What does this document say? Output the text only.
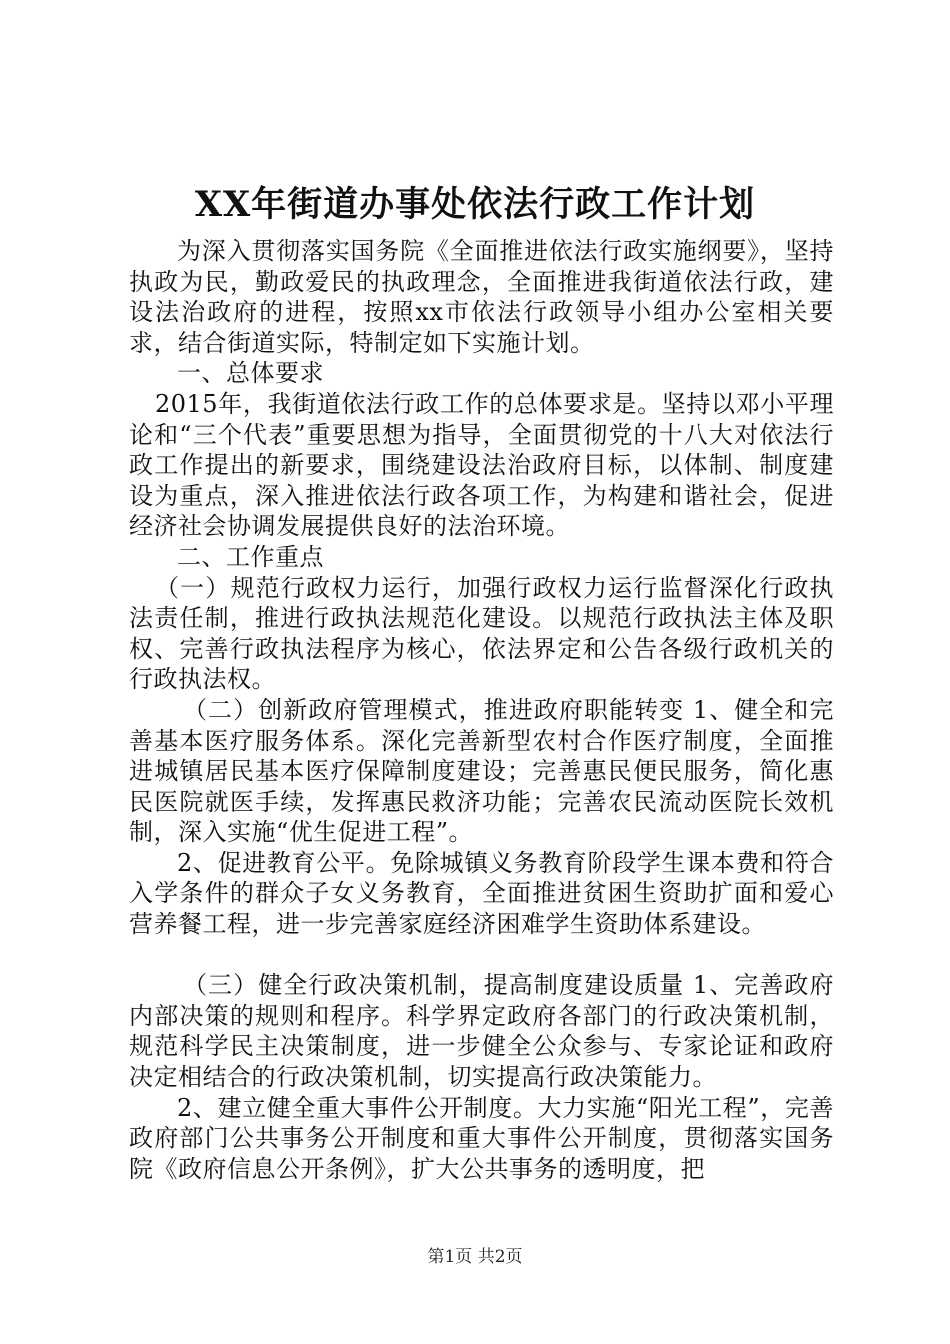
XX年街道办事处依法行政工作计划

为深入贯彻落实国务院《全面推进依法行政实施纲要》，坚持执政为民，勤政爱民的执政理念，全面推进我街道依法行政，建设法治政府的进程，按照xx市依法行政领导小组办公室相关要求，结合街道实际，特制定如下实施计划。

一、总体要求

2015年，我街道依法行政工作的总体要求是。坚持以邓小平理论和“三个代表”重要思想为指导，全面贯彻党的十八大对依法行政工作提出的新要求，围绕建设法治政府目标，以体制、制度建设为重点，深入推进依法行政各项工作，为构建和谐社会，促进经济社会协调发展提供良好的法治环境。

二、工作重点

（一）规范行政权力运行，加强行政权力运行监督深化行政执法责任制，推进行政执法规范化建设。以规范行政执法主体及职权、完善行政执法程序为核心，依法界定和公告各级行政机关的行政执法权。

（二）创新政府管理模式，推进政府职能转变 1、健全和完善基本医疗服务体系。深化完善新型农村合作医疗制度，全面推进城镇居民基本医疗保障制度建设；完善惠民便民服务，简化惠民医院就医手续，发挥惠民救济功能；完善农民流动医院长效机制，深入实施“优生促进工程”。

2、促进教育公平。免除城镇义务教育阶段学生课本费和符合入学条件的群众子女义务教育，全面推进贫困生资助扩面和爱心营养餐工程，进一步完善家庭经济困难学生资助体系建设。

（三）健全行政决策机制，提高制度建设质量 1、完善政府内部决策的规则和程序。科学界定政府各部门的行政决策机制，规范科学民主决策制度，进一步健全公众参与、专家论证和政府决定相结合的行政决策机制，切实提高行政决策能力。

2、建立健全重大事件公开制度。大力实施“阳光工程”，完善政府部门公共事务公开制度和重大事件公开制度，贯彻落实国务院《政府信息公开条例》，扩大公共事务的透明度，把

第1页 共2页
